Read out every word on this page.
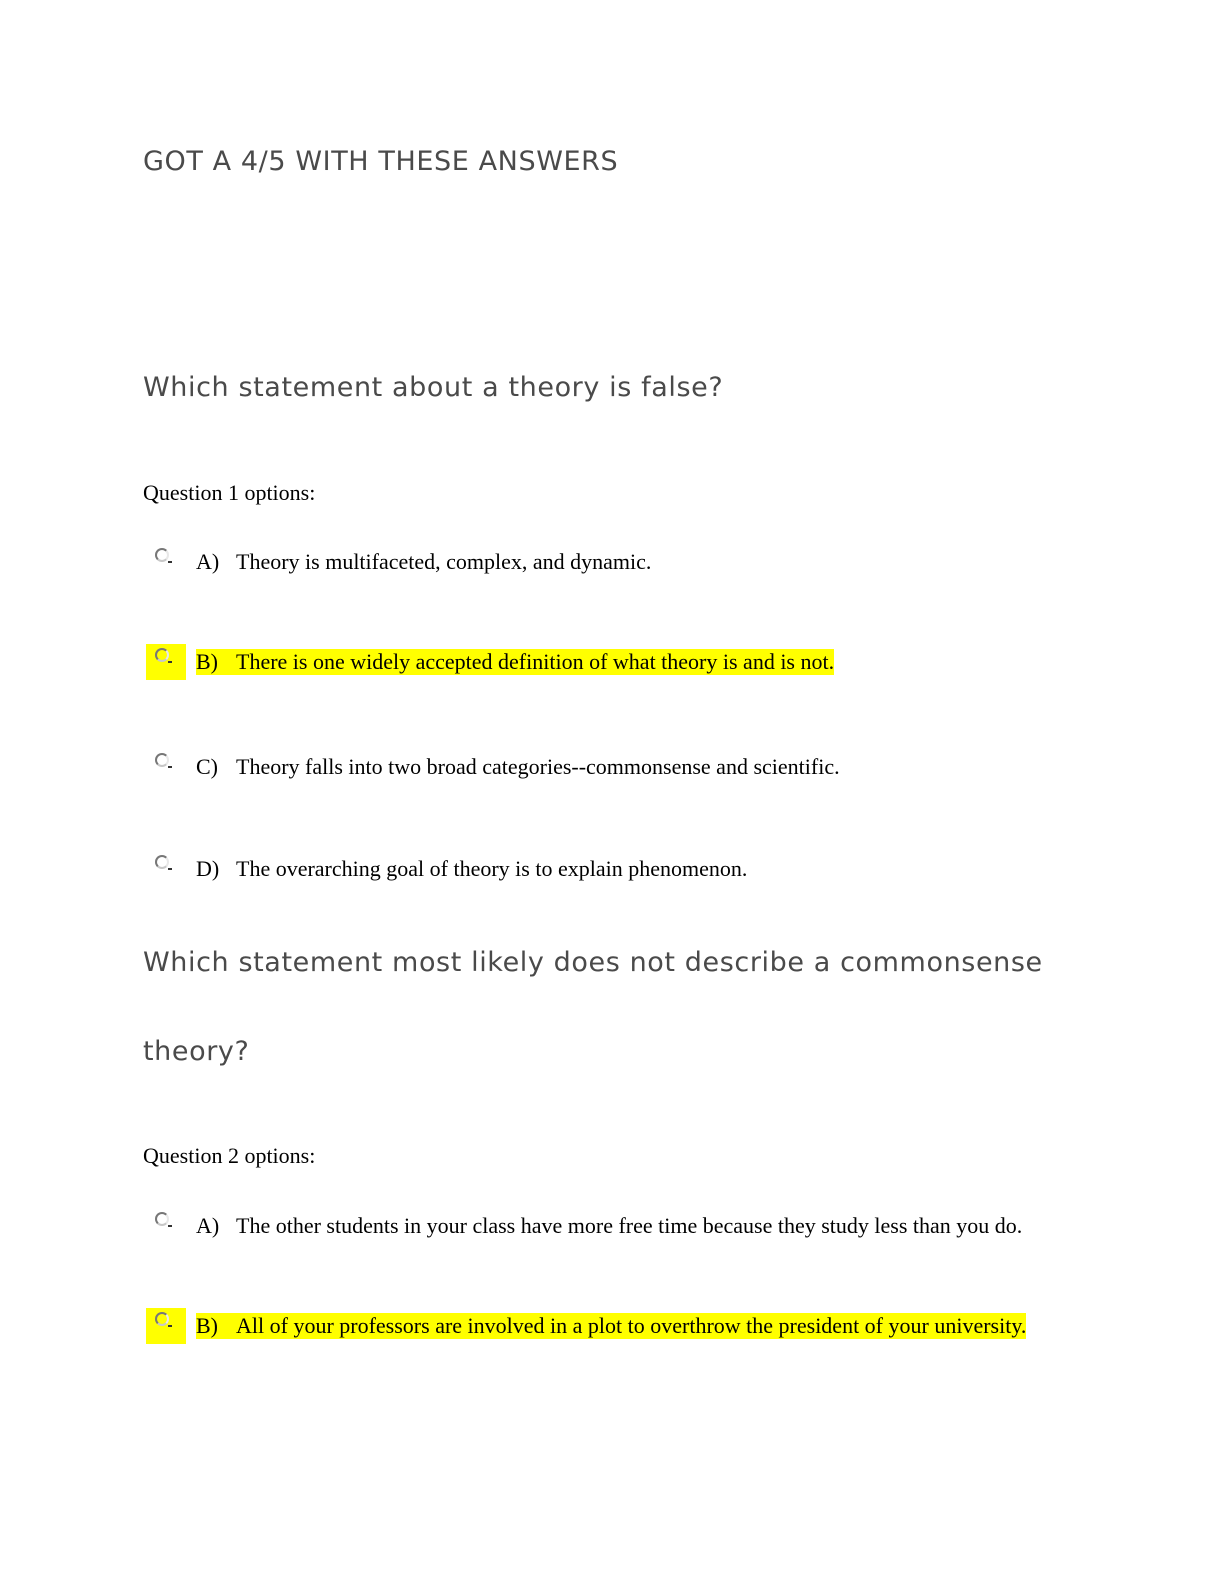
GOT A 4/5 WITH THESE ANSWERS
Which statement about a theory is false?
Question 1 options:
A) Theory is multifaceted, complex, and dynamic.
B) There is one widely accepted definition of what theory is and is not.
C) Theory falls into two broad categories--commonsense and scientific.
D) The overarching goal of theory is to explain phenomenon.
Which statement most likely does not describe a commonsense
theory?
Question 2 options:
A) The other students in your class have more free time because they study less than you do.
B) All of your professors are involved in a plot to overthrow the president of your university.
